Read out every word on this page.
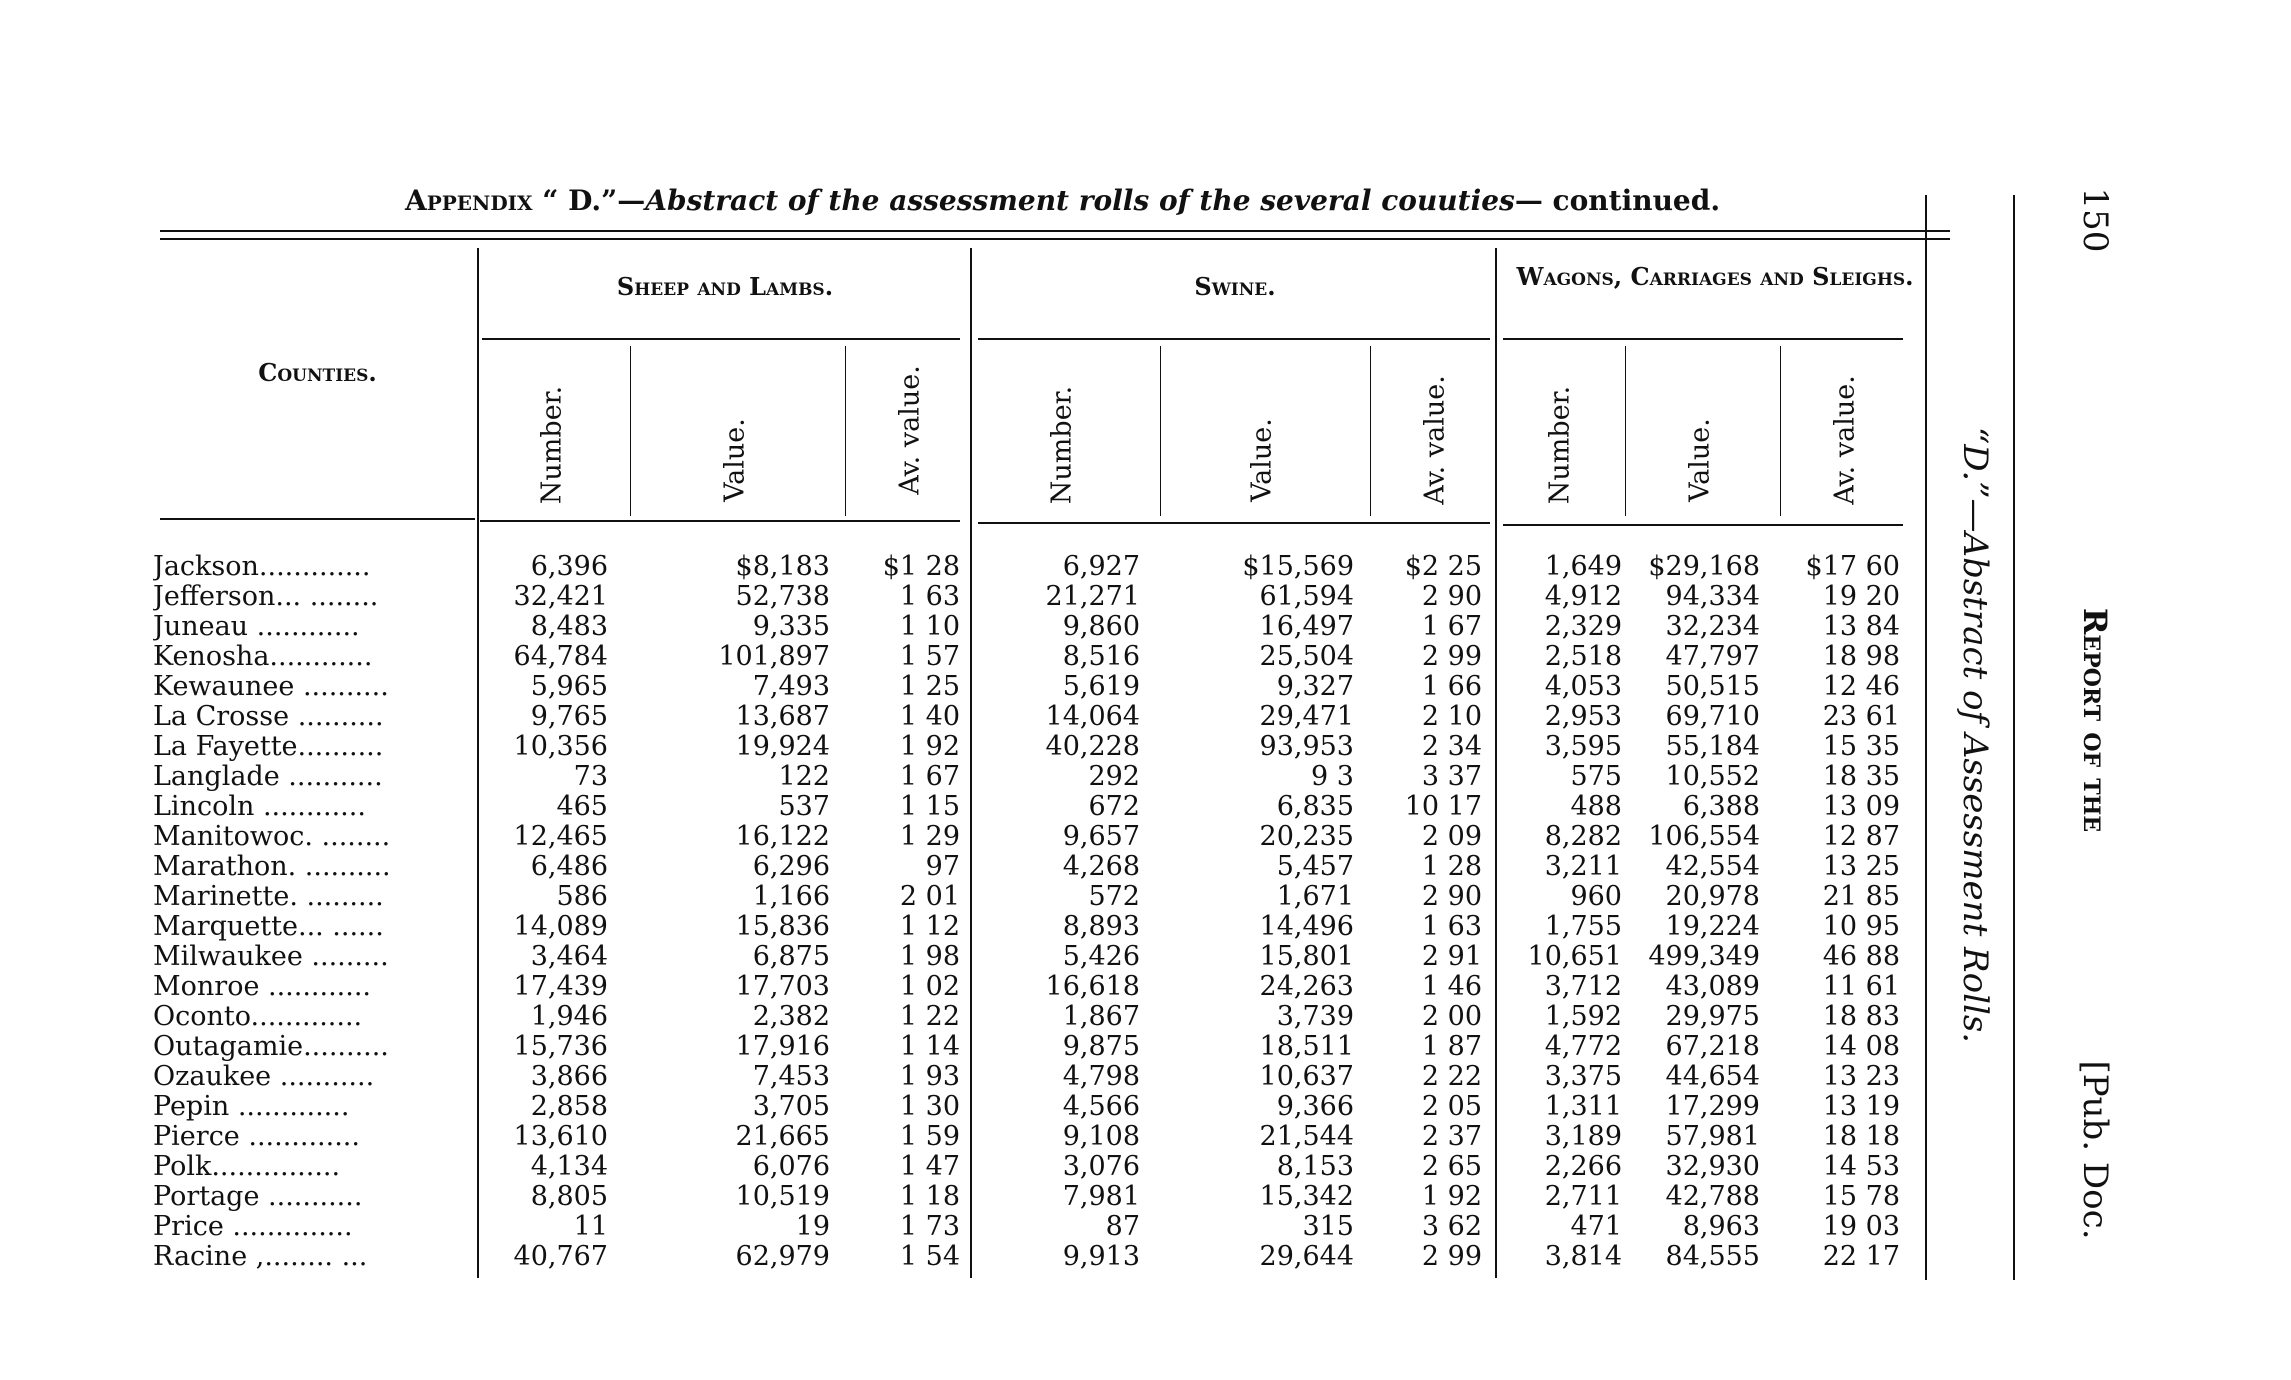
Appendix “ D.”—Abstract of the assessment rolls of the several couuties— continued.
Counties.
Sheep and Lambs.	Swine.	Wagons, Carriages and Sleighs.
Number.	Value.	Av. value.	Number.	Value.	Av. value.	Number.	Value.	Av. value.
Jackson.............	6,396	$8,183	$1 28	6,927	$15,569	$2 25	1,649 $29,168	$17 60
Jefferson... ........	32,421	52,738	1 63	21,271	61,594	2 90	4,912	94,334	19 20
Juneau ............	8,483	9,335	1 10	9,860	16,497	1 67	2,329	32,234	13 84
Kenosha............	64,784	101,897	1 57	8,516	25,504	2 99	2,518	47,797	18 98
Kewaunee ..........	5,965	7,493	1 25	5,619	9,327	1 66	4,053	50,515	12 46
La Crosse ..........	9,765	13,687	1 40	14,064	29,471	2 10	2,953	69,710	23 61
La Fayette..........	10,356	19,924	1 92	40,228	93,953	2 34	3,595	55,184	15 35
Langlade ...........	73	122	1 67	292	9 3	3 37	575	10,552	18 35
Lincoln ............	465	537	1 15	672	6,835	10 17	488	6,388	13 09
Manitowoc. ........	12,465	16,122	1 29	9,657	20,235	2 09	8,282 106,554	12 87
Marathon. ..........	6,486	6,296	97	4,268	5,457	1 28	3,211	42,554	13 25
Marinette. .........	586	1,166	2 01	572	1,671	2 90	960	20,978	21 85
Marquette... ......	14,089	15,836	1 12	8,893	14,496	1 63	1,755	19,224	10 95
Milwaukee .........	3,464	6,875	1 98	5,426	15,801	2 91	10,651 499,349	46 88
Monroe ............	17,439	17,703	1 02	16,618	24,263	1 46	3,712	43,089	11 61
Oconto.............	1,946	2,382	1 22	1,867	3,739	2 00	1,592	29,975	18 83
Outagamie..........	15,736	17,916	1 14	9,875	18,511	1 87	4,772	67,218	14 08
Ozaukee ...........	3,866	7,453	1 93	4,798	10,637	2 22	3,375	44,654	13 23
Pepin .............	2,858	3,705	1 30	4,566	9,366	2 05	1,311	17,299	13 19
Pierce .............	13,610	21,665	1 59	9,108	21,544	2 37	3,189	57,981	18 18
Polk...............	4,134	6,076	1 47	3,076	8,153	2 65	2,266	32,930	14 53
Portage ...........	8,805	10,519	1 18	7,981	15,342	1 92	2,711	42,788	15 78
Price ..............	11	19	1 73	87	315	3 62	471	8,963	19 03
Racine ,........ ...	40,767	62,979	1 54	9,913	29,644	2 99	3,814	84,555	22 17
“D.”—Abstract of Assessment Rolls.
150
Report of the
[Pub. Doc.
